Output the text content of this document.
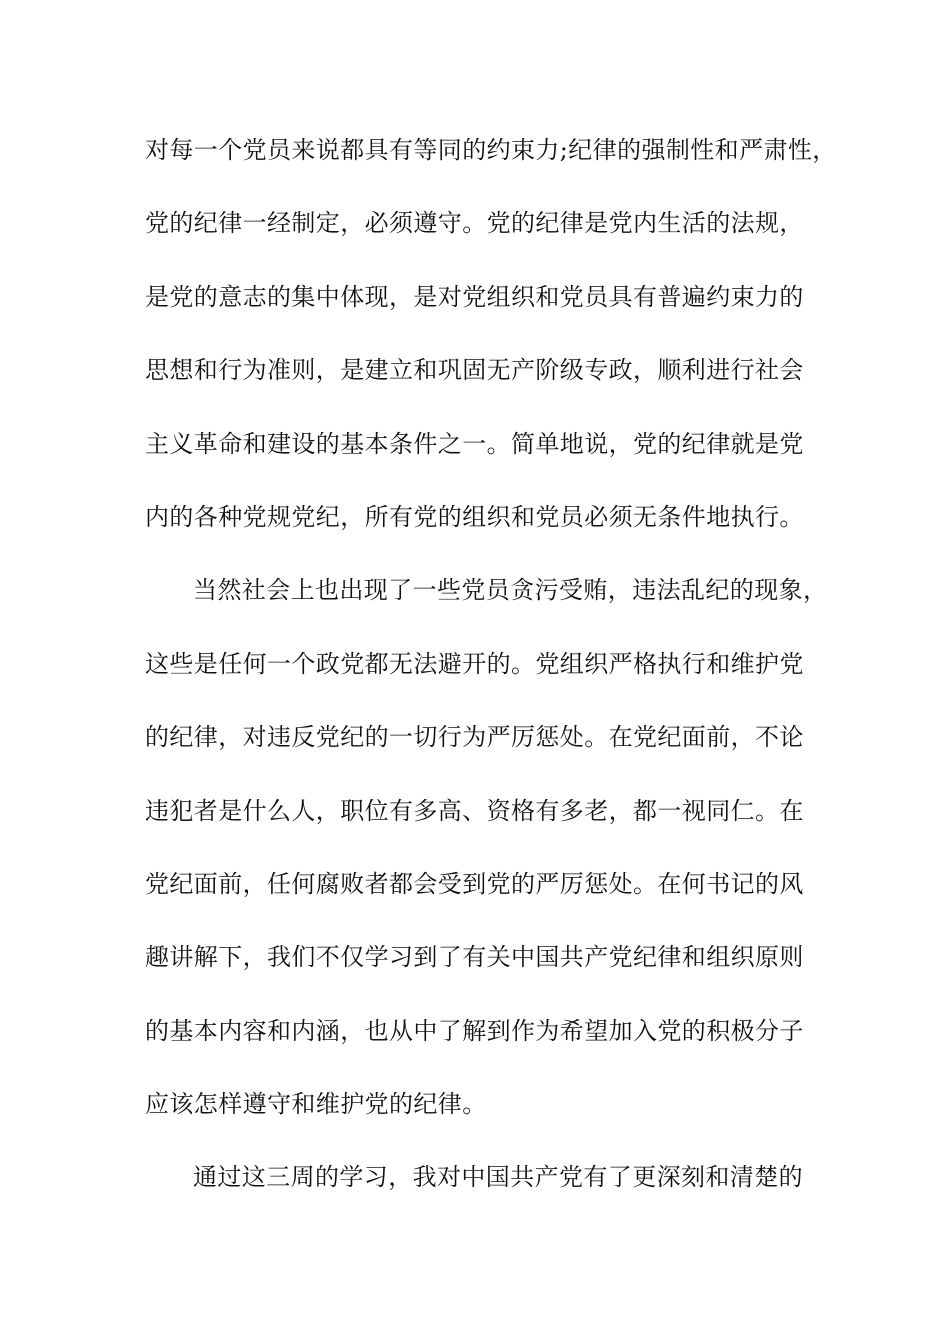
对每一个党员来说都具有等同的约束力;纪律的强制性和严肃性，
党的纪律一经制定，必须遵守。党的纪律是党内生活的法规，
是党的意志的集中体现，是对党组织和党员具有普遍约束力的
思想和行为准则，是建立和巩固无产阶级专政，顺利进行社会
主义革命和建设的基本条件之一。简单地说，党的纪律就是党
内的各种党规党纪，所有党的组织和党员必须无条件地执行。
当然社会上也出现了一些党员贪污受贿，违法乱纪的现象，
这些是任何一个政党都无法避开的。党组织严格执行和维护党
的纪律，对违反党纪的一切行为严厉惩处。在党纪面前，不论
违犯者是什么人，职位有多高、资格有多老，都一视同仁。在
党纪面前，任何腐败者都会受到党的严厉惩处。在何书记的风
趣讲解下，我们不仅学习到了有关中国共产党纪律和组织原则
的基本内容和内涵，也从中了解到作为希望加入党的积极分子
应该怎样遵守和维护党的纪律。
通过这三周的学习，我对中国共产党有了更深刻和清楚的
